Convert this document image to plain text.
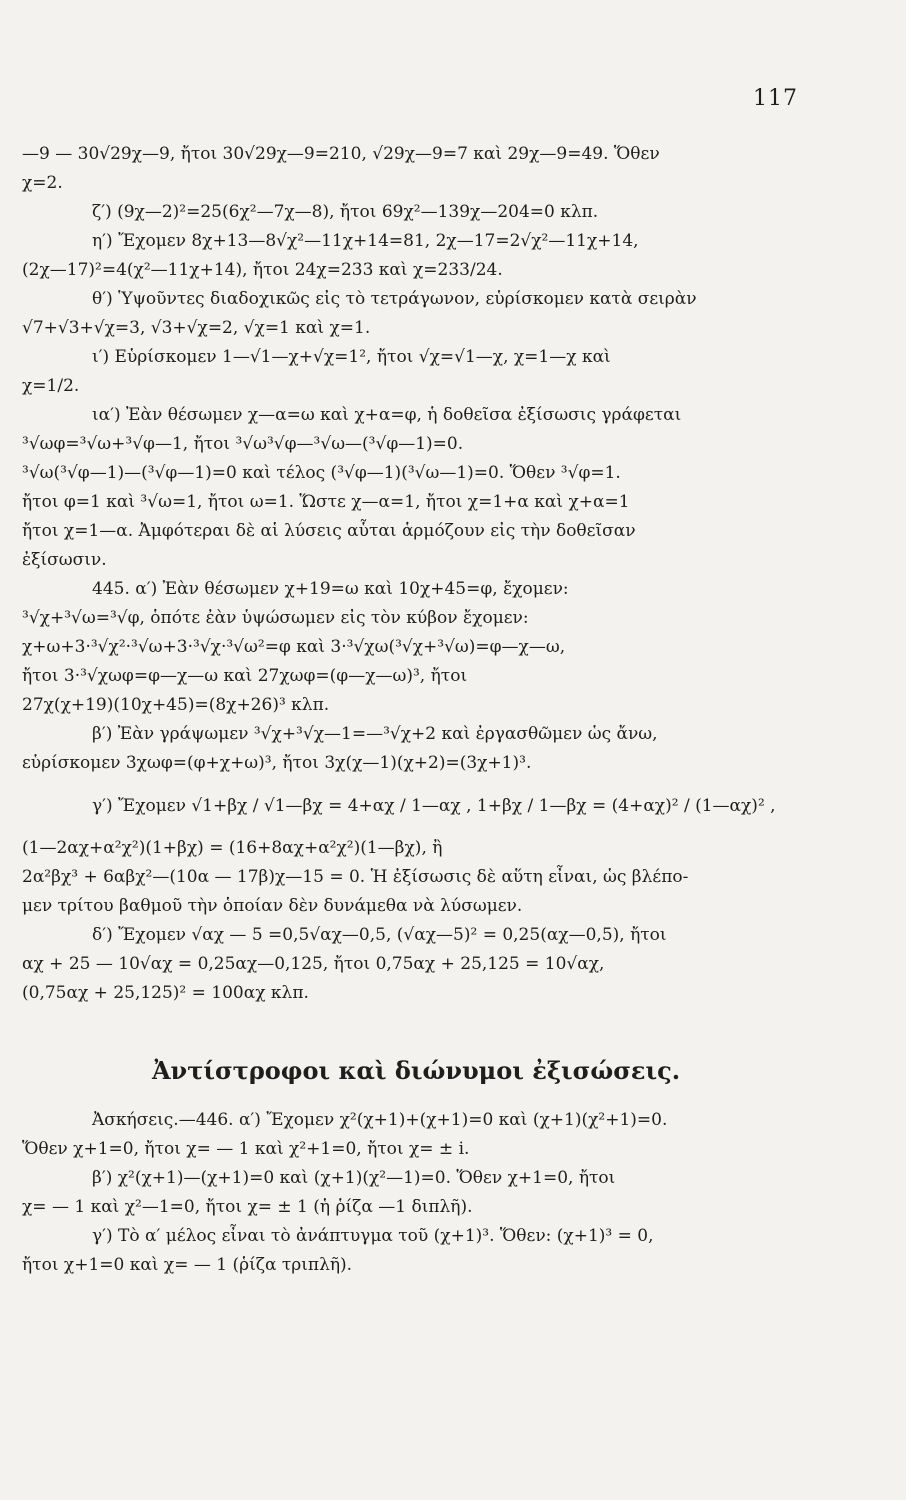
117
—9 — 30√29χ—9, ἤτοι 30√29χ—9=210, √29χ—9=7 καὶ 29χ—9=49. Ὅθεν
χ=2.
ζ′) (9χ—2)²=25(6χ²—7χ—8), ἤτοι 69χ²—139χ—204=0 κλπ.
η′) Ἔχομεν 8χ+13—8√χ²—11χ+14=81, 2χ—17=2√χ²—11χ+14,
(2χ—17)²=4(χ²—11χ+14), ἤτοι 24χ=233 καὶ χ=233/24.
θ′) Ὑψοῦντες διαδοχικῶς εἰς τὸ τετράγωνον, εὑρίσκομεν κατὰ σειρὰν
√7+√3+√χ=3, √3+√χ=2, √χ=1 καὶ χ=1.
ι′) Εὑρίσκομεν 1—√1—χ+√χ=1², ἤτοι √χ=√1—χ, χ=1—χ καὶ
χ=1/2.
ια′) Ἐὰν θέσωμεν χ—α=ω καὶ χ+α=φ, ἡ δοθεῖσα ἐξίσωσις γράφεται
³√ωφ=³√ω+³√φ—1, ἤτοι ³√ω³√φ—³√ω—(³√φ—1)=0.
³√ω(³√φ—1)—(³√φ—1)=0 καὶ τέλος (³√φ—1)(³√ω—1)=0. Ὅθεν ³√φ=1.
ἤτοι φ=1 καὶ ³√ω=1, ἤτοι ω=1. Ὥστε χ—α=1, ἤτοι χ=1+α καὶ χ+α=1
ἤτοι χ=1—α. Ἀμφότεραι δὲ αἱ λύσεις αὗται ἁρμόζουν εἰς τὴν δοθεῖσαν
ἐξίσωσιν.
445. α′) Ἐὰν θέσωμεν χ+19=ω καὶ 10χ+45=φ, ἔχομεν:
³√χ+³√ω=³√φ, ὁπότε ἐὰν ὑψώσωμεν εἰς τὸν κύβον ἔχομεν:
χ+ω+3·³√χ²·³√ω+3·³√χ·³√ω²=φ καὶ 3·³√χω(³√χ+³√ω)=φ—χ—ω,
ἤτοι 3·³√χωφ=φ—χ—ω καὶ 27χωφ=(φ—χ—ω)³, ἤτοι
27χ(χ+19)(10χ+45)=(8χ+26)³ κλπ.
β′) Ἐὰν γράψωμεν ³√χ+³√χ—1=—³√χ+2 καὶ ἐργασθῶμεν ὡς ἄνω,
εὑρίσκομεν 3χωφ=(φ+χ+ω)³, ἤτοι 3χ(χ—1)(χ+2)=(3χ+1)³.
γ′) Ἔχομεν √1+βχ / √1—βχ = 4+αχ / 1—αχ , 1+βχ / 1—βχ = (4+αχ)² / (1—αχ)² ,
(1—2αχ+α²χ²)(1+βχ) = (16+8αχ+α²χ²)(1—βχ), ἢ
2α²βχ³ + 6αβχ²—(10α — 17β)χ—15 = 0. Ἡ ἐξίσωσις δὲ αὕτη εἶναι, ὡς βλέπο-
μεν τρίτου βαθμοῦ τὴν ὁποίαν δὲν δυνάμεθα νὰ λύσωμεν.
δ′) Ἔχομεν √αχ — 5 =0,5√αχ—0,5, (√αχ—5)² = 0,25(αχ—0,5), ἤτοι
αχ + 25 — 10√αχ = 0,25αχ—0,125, ἤτοι 0,75αχ + 25,125 = 10√αχ,
(0,75αχ + 25,125)² = 100αχ κλπ.
Ἀντίστροφοι καὶ διώνυμοι ἐξισώσεις.
Ἀσκήσεις.—446. α′) Ἔχομεν χ²(χ+1)+(χ+1)=0 καὶ (χ+1)(χ²+1)=0.
Ὅθεν χ+1=0, ἤτοι χ= — 1 καὶ χ²+1=0, ἤτοι χ= ± i.
β′) χ²(χ+1)—(χ+1)=0 καὶ (χ+1)(χ²—1)=0. Ὅθεν χ+1=0, ἤτοι
χ= — 1 καὶ χ²—1=0, ἤτοι χ= ± 1 (ἡ ῥίζα —1 διπλῆ).
γ′) Τὸ α′ μέλος εἶναι τὸ ἀνάπτυγμα τοῦ (χ+1)³. Ὅθεν: (χ+1)³ = 0,
ἤτοι χ+1=0 καὶ χ= — 1 (ῥίζα τριπλῆ).
